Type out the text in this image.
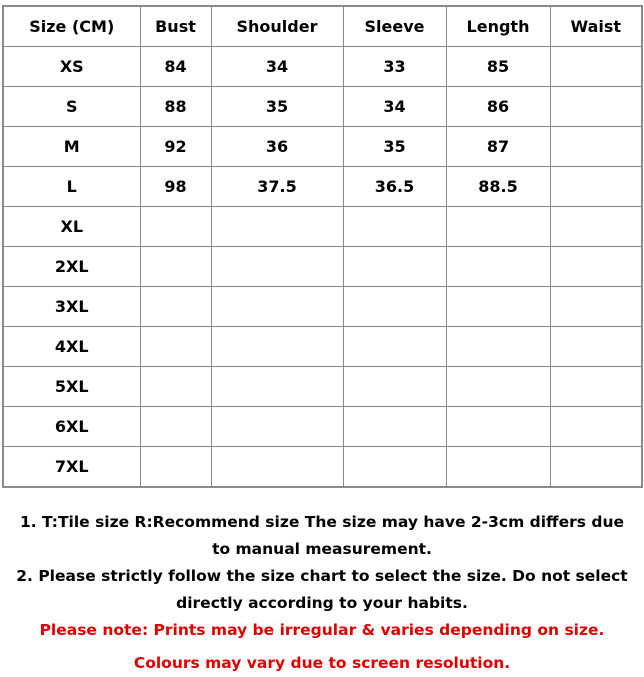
Size (CM)	Bust	Shoulder	Sleeve	Length	Waist
XS	84	34	33	85	
S	88	35	34	86	
M	92	36	35	87	
L	98	37.5	36.5	88.5	
XL					
2XL					
3XL					
4XL					
5XL					
6XL					
7XL					
1. T:Tile size R:Recommend size The size may have 2-3cm differs due
to manual measurement.
2. Please strictly follow the size chart to select the size. Do not select
directly according to your habits.
Please note: Prints may be irregular & varies depending on size.
Colours may vary due to screen resolution.
